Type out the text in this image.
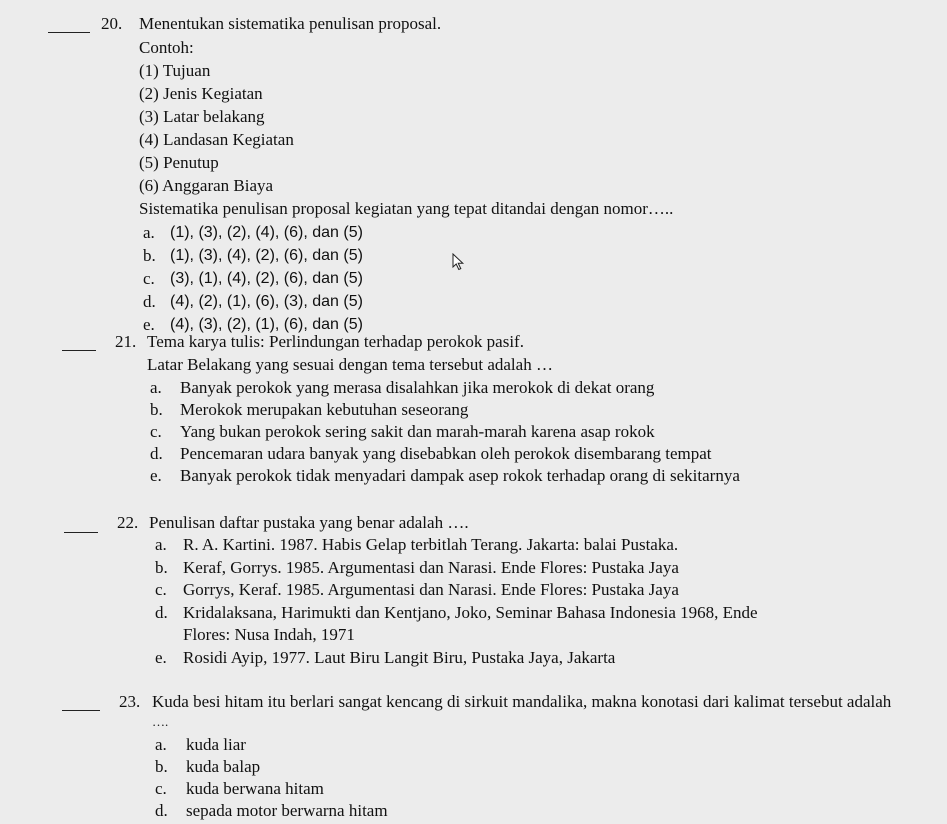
20. Menentukan sistematika penulisan proposal.
Contoh:
(1) Tujuan
(2) Jenis Kegiatan
(3) Latar belakang
(4) Landasan Kegiatan
(5) Penutup
(6) Anggaran Biaya
Sistematika penulisan proposal kegiatan yang tepat ditandai dengan nomor…..
a. (1), (3), (2), (4), (6), dan (5)
b. (1), (3), (4), (2), (6), dan (5)
c. (3), (1), (4), (2), (6), dan (5)
d. (4), (2), (1), (6), (3), dan (5)
e. (4), (3), (2), (1), (6), dan (5)
21. Tema karya tulis: Perlindungan terhadap perokok pasif.
Latar Belakang yang sesuai dengan tema tersebut adalah …
a. Banyak perokok yang merasa disalahkan jika merokok di dekat orang
b. Merokok merupakan kebutuhan seseorang
c. Yang bukan perokok sering sakit dan marah-marah karena asap rokok
d. Pencemaran udara banyak yang disebabkan oleh perokok disembarang tempat
e. Banyak perokok tidak menyadari dampak asep rokok terhadap orang di sekitarnya
22. Penulisan daftar pustaka yang benar adalah ….
a. R. A. Kartini. 1987. Habis Gelap terbitlah Terang. Jakarta: balai Pustaka.
b. Keraf, Gorrys. 1985. Argumentasi dan Narasi. Ende Flores: Pustaka Jaya
c. Gorrys, Keraf. 1985. Argumentasi dan Narasi. Ende Flores: Pustaka Jaya
d. Kridalaksana, Harimukti dan Kentjano, Joko, Seminar Bahasa Indonesia 1968, Ende
Flores: Nusa Indah, 1971
e. Rosidi Ayip, 1977. Laut Biru Langit Biru, Pustaka Jaya, Jakarta
23. Kuda besi hitam itu berlari sangat kencang di sirkuit mandalika, makna konotasi dari kalimat tersebut adalah
….
a. kuda liar
b. kuda balap
c. kuda berwana hitam
d. sepada motor berwarna hitam
